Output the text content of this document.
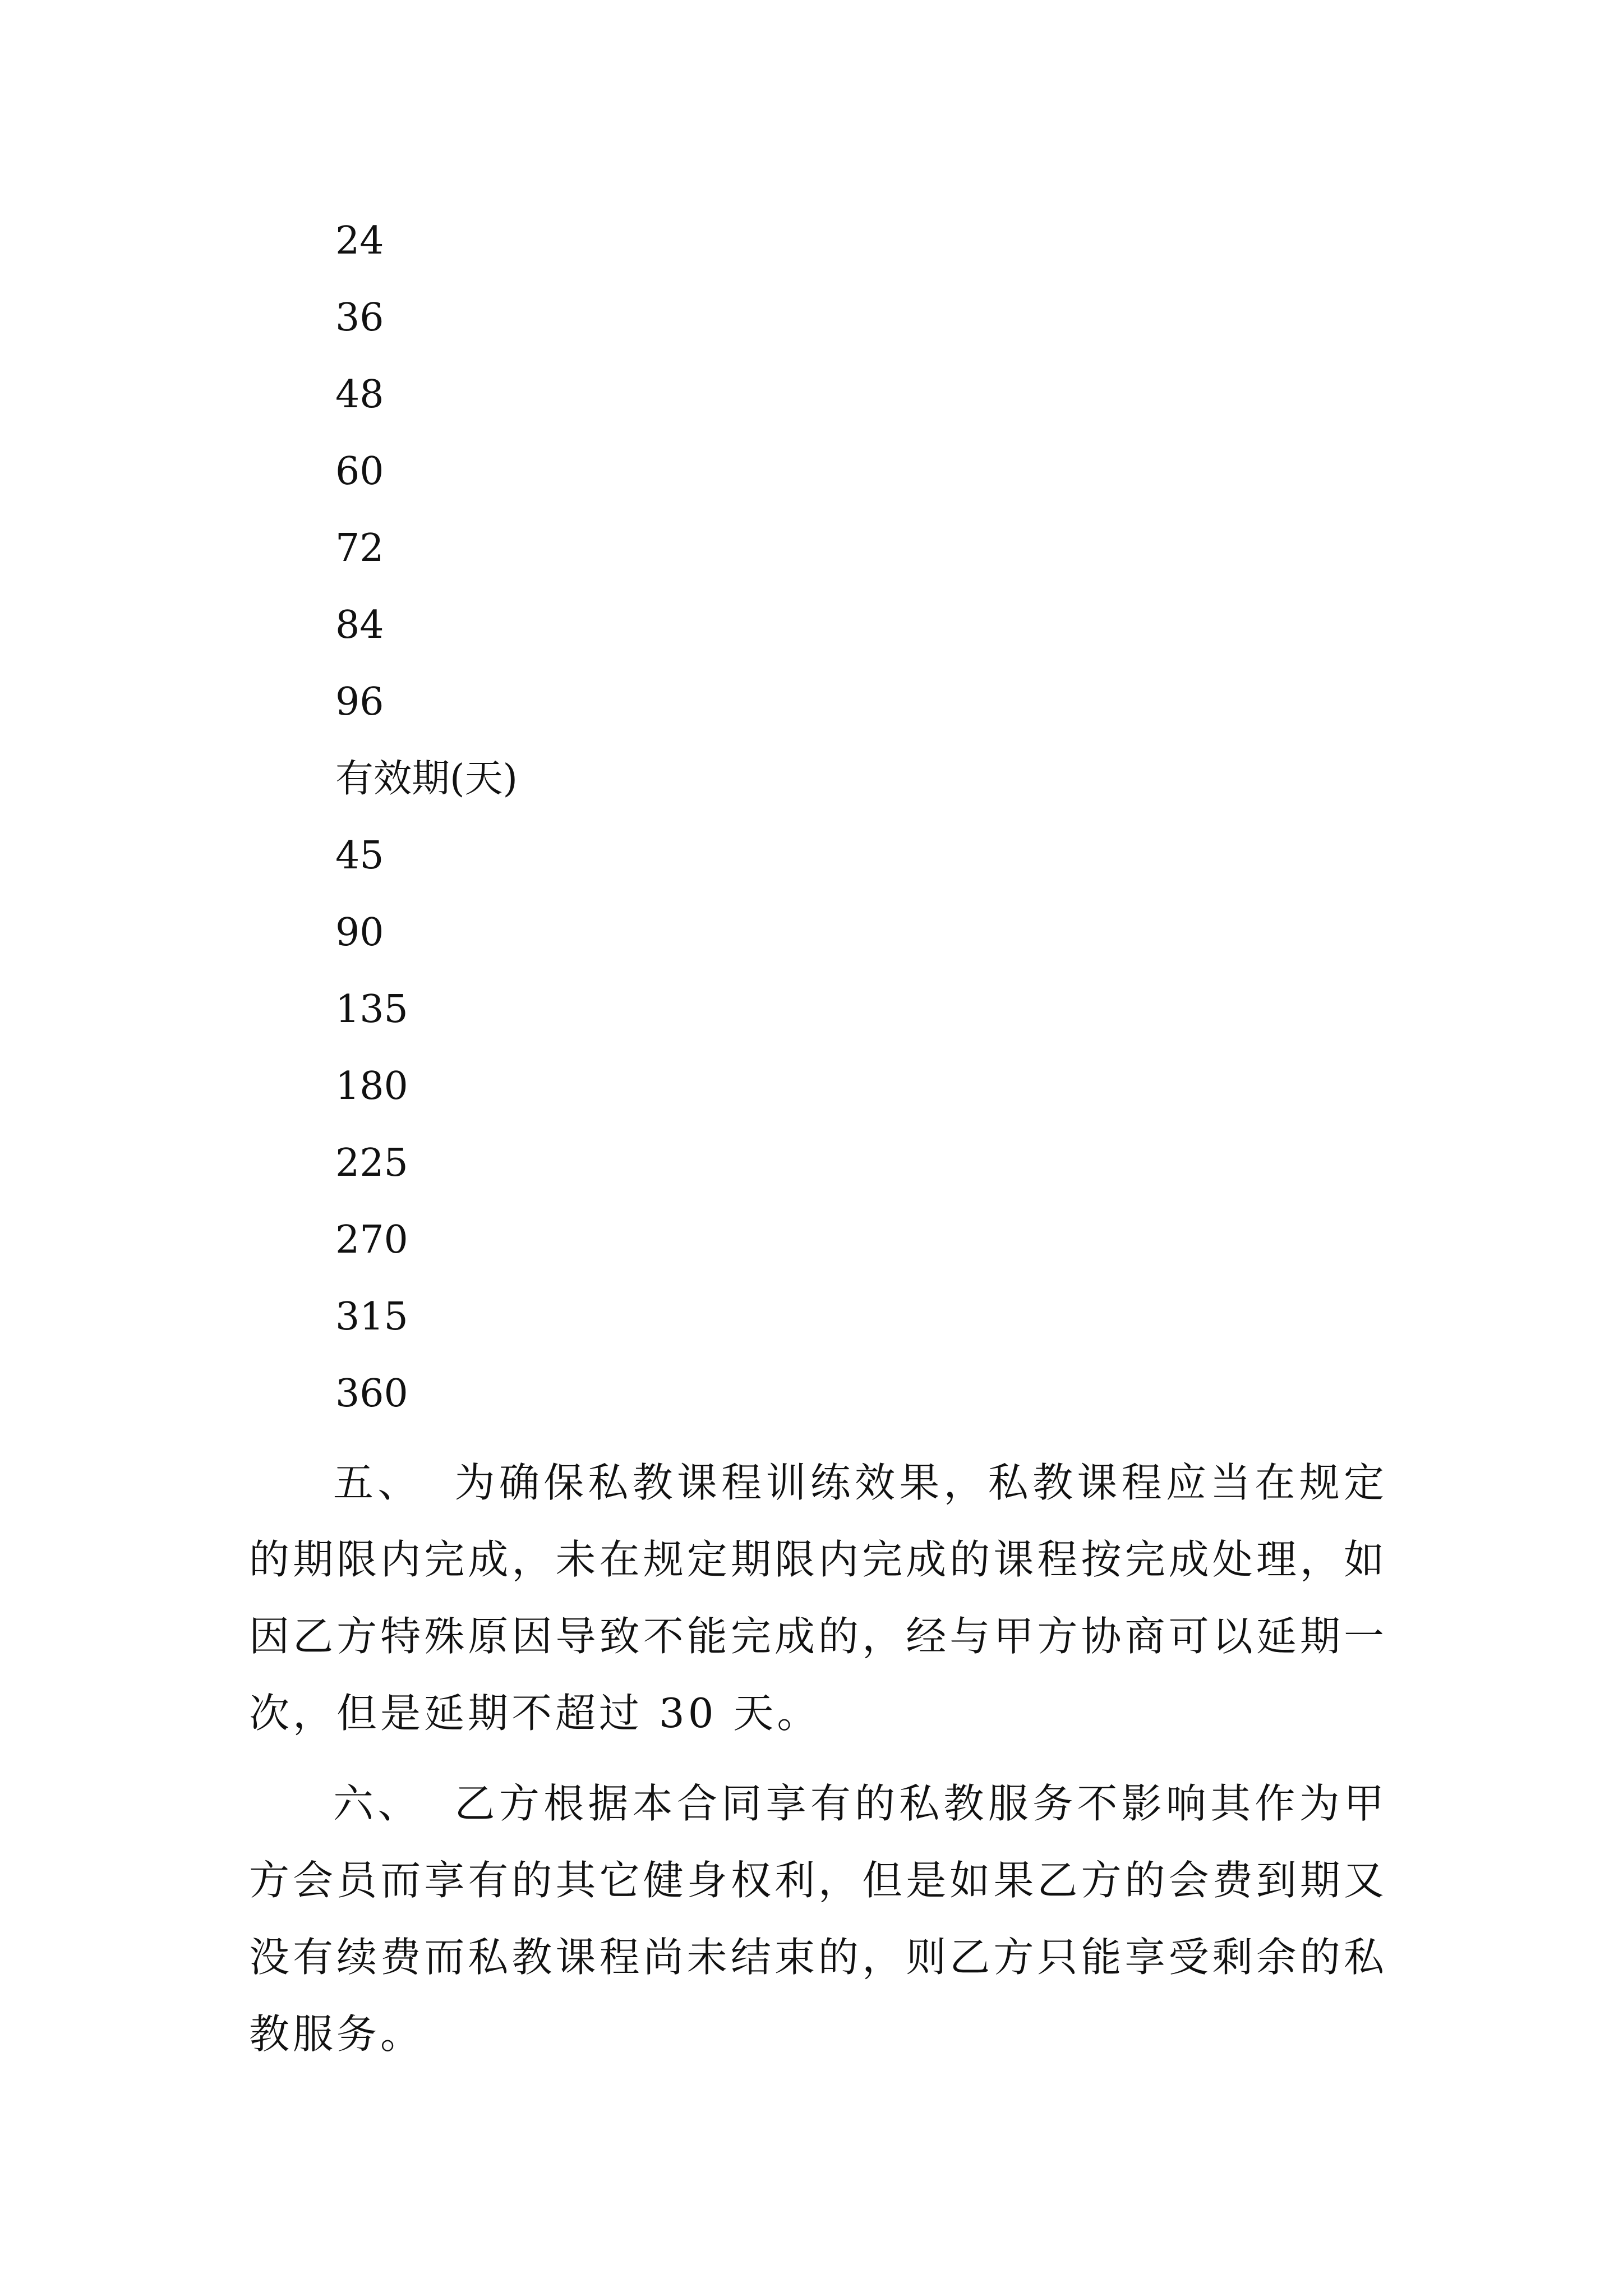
24
36
48
60
72
84
96
有效期(天)
45
90
135
180
225
270
315
360

五、 为确保私教课程训练效果，私教课程应当在规定的期限内完成，未在规定期限内完成的课程按完成处理，如因乙方特殊原因导致不能完成的，经与甲方协商可以延期一次，但是延期不超过 30 天。

六、 乙方根据本合同享有的私教服务不影响其作为甲方会员而享有的其它健身权利，但是如果乙方的会费到期又没有续费而私教课程尚未结束的，则乙方只能享受剩余的私教服务。
